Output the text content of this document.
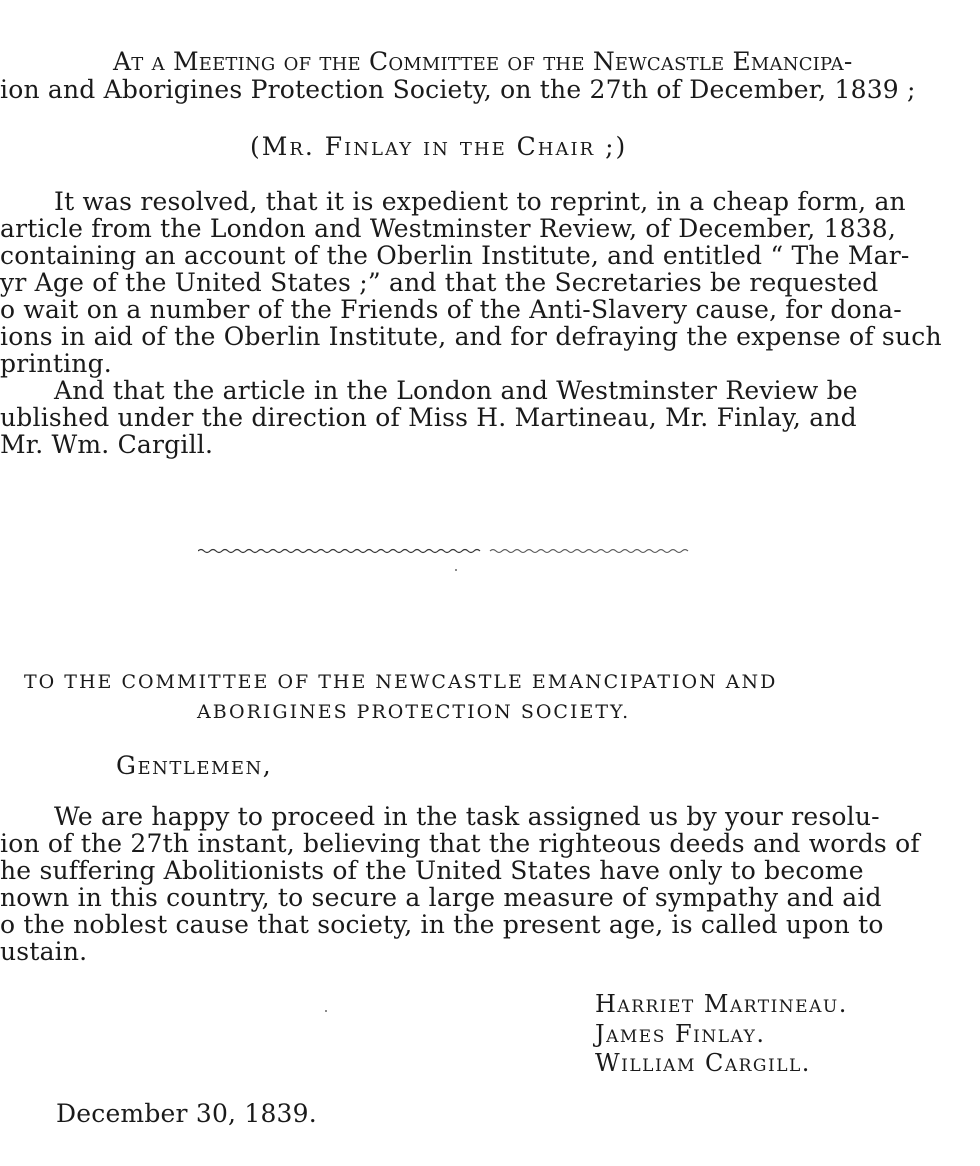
At a Meeting of the Committee of the Newcastle Emancipa-
ion and Aborigines Protection Society, on the 27th of December, 1839 ;
(Mr. Finlay in the Chair ;)
It was resolved, that it is expedient to reprint, in a cheap form, an
article from the London and Westminster Review, of December, 1838,
containing an account of the Oberlin Institute, and entitled “ The Mar-
yr Age of the United States ;” and that the Secretaries be requested
o wait on a number of the Friends of the Anti-Slavery cause, for dona-
ions in aid of the Oberlin Institute, and for defraying the expense of such
printing.
And that the article in the London and Westminster Review be
ublished under the direction of Miss H. Martineau, Mr. Finlay, and
Mr. Wm. Cargill.
TO THE COMMITTEE OF THE NEWCASTLE EMANCIPATION AND
ABORIGINES PROTECTION SOCIETY.
Gentlemen,
We are happy to proceed in the task assigned us by your resolu-
ion of the 27th instant, believing that the righteous deeds and words of
he suffering Abolitionists of the United States have only to become
nown in this country, to secure a large measure of sympathy and aid
o the noblest cause that society, in the present age, is called upon to
ustain.
Harriet Martineau.
James Finlay.
William Cargill.
December 30, 1839.
